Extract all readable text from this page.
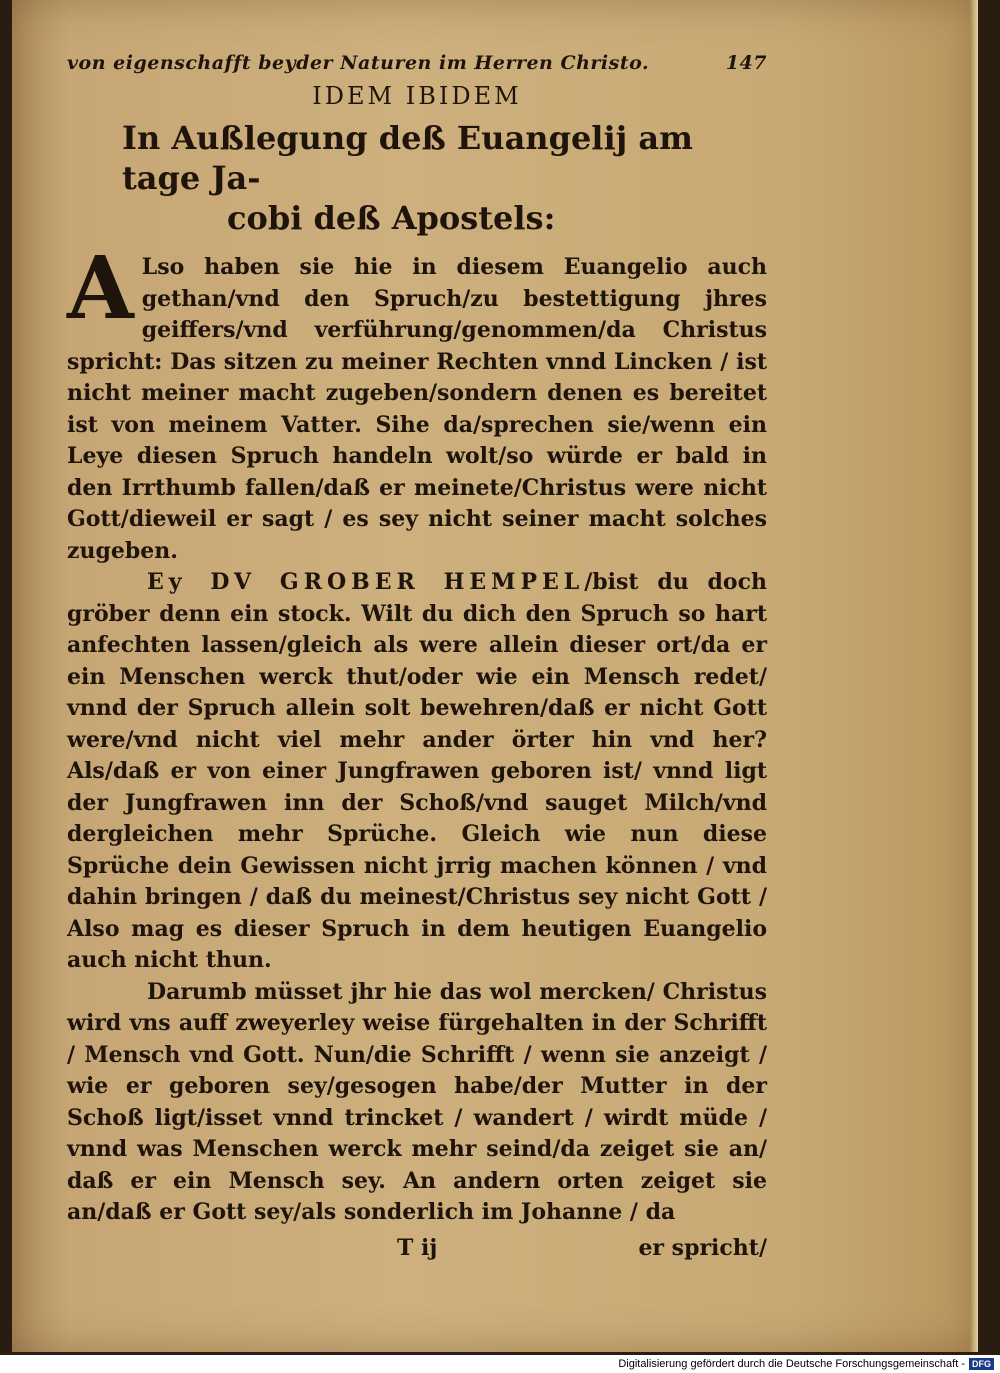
von eigenschafft beyder Naturen im Herren Christo.	147
IDEM IBIDEM
In Außlegung deß Euangelij am tage Ja-
cobi deß Apostels:
A Lso haben sie hie in diesem Euangelio auch gethan/vnd den Spruch/zu bestettigung jhres geiffers/vnd verführung/genommen/da Christus spricht: Das sitzen zu meiner Rechten vnnd Lincken / ist nicht meiner macht zugeben/sondern denen es bereitet ist von meinem Vatter. Sihe da/sprechen sie/wenn ein Leye diesen Spruch handeln wolt/so würde er bald in den Irrthumb fallen/daß er meinete/Christus were nicht Gott/dieweil er sagt / es sey nicht seiner macht solches zugeben.
Ey DV GROBER HEMPEL/bist du doch gröber denn ein stock. Wilt du dich den Spruch so hart anfechten lassen/gleich als were allein dieser ort/da er ein Menschen werck thut/oder wie ein Mensch redet/ vnnd der Spruch allein solt bewehren/daß er nicht Gott were/vnd nicht viel mehr ander örter hin vnd her? Als/daß er von einer Jungfrawen geboren ist/ vnnd ligt der Jungfrawen inn der Schoß/vnd sauget Milch/vnd dergleichen mehr Sprüche. Gleich wie nun diese Sprüche dein Gewissen nicht jrrig machen können / vnd dahin bringen / daß du meinest/Christus sey nicht Gott / Also mag es dieser Spruch in dem heutigen Euangelio auch nicht thun.
Darumb müsset jhr hie das wol mercken/ Christus wird vns auff zweyerley weise fürgehalten in der Schrifft / Mensch vnd Gott. Nun/die Schrifft / wenn sie anzeigt / wie er geboren sey/gesogen habe/der Mutter in der Schoß ligt/isset vnnd trincket / wandert / wirdt müde / vnnd was Menschen werck mehr seind/da zeiget sie an/ daß er ein Mensch sey. An andern orten zeiget sie an/daß er Gott sey/als sonderlich im Johanne / da
T ij	er spricht/
Digitalisierung gefördert durch die Deutsche Forschungsgemeinschaft - DFG
